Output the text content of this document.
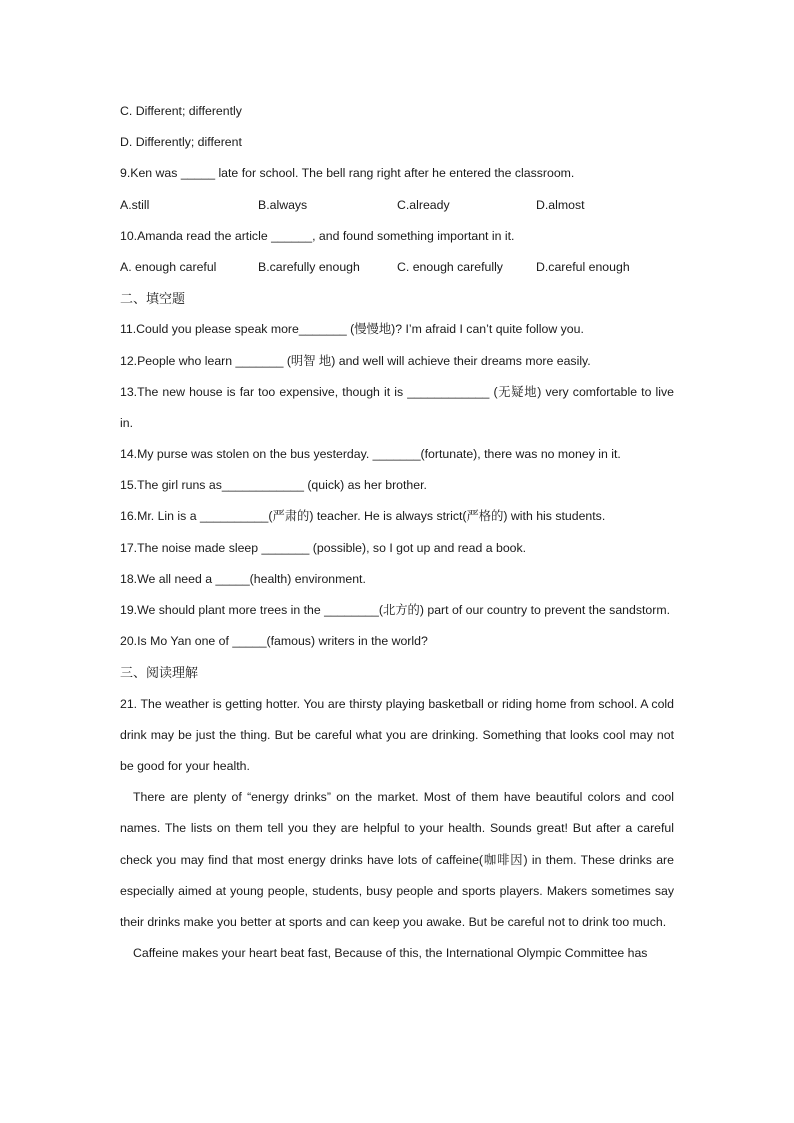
C. Different; differently
D. Differently; different
9.Ken was _____ late for school. The bell rang right after he entered the classroom.
A.still	B.always	C.already	D.almost
10.Amanda read the article ______, and found something important in it.
A. enough careful	B.carefully enough	C. enough carefully	D.careful enough
二、填空题
11.Could you please speak more_______ (慢慢地)? I’m afraid I can’t quite follow you.
12.People who learn _______ (明智 地) and well will achieve their dreams more easily.
13.The new house is far too expensive, though it is ____________ (无疑地) very comfortable to live in.
14.My purse was stolen on the bus yesterday. _______(fortunate), there was no money in it.
15.The girl runs as____________ (quick) as her brother.
16.Mr. Lin is a __________(严肃的) teacher. He is always strict(严格的) with his students.
17.The noise made sleep _______ (possible), so I got up and read a book.
18.We all need a _____(health) environment.
19.We should plant more trees in the ________(北方的) part of our country to prevent the sandstorm.
20.Is Mo Yan one of _____(famous) writers in the world?
三、阅读理解
21. The weather is getting hotter. You are thirsty playing basketball or riding home from school. A cold drink may be just the thing. But be careful what you are drinking. Something that looks cool may not be good for your health.
There are plenty of “energy drinks” on the market. Most of them have beautiful colors and cool names. The lists on them tell you they are helpful to your health. Sounds great! But after a careful check you may find that most energy drinks have lots of caffeine(咖啡因) in them. These drinks are especially aimed at young people, students, busy people and sports players. Makers sometimes say their drinks make you better at sports and can keep you awake. But be careful not to drink too much.
Caffeine makes your heart beat fast, Because of this, the International Olympic Committee has
